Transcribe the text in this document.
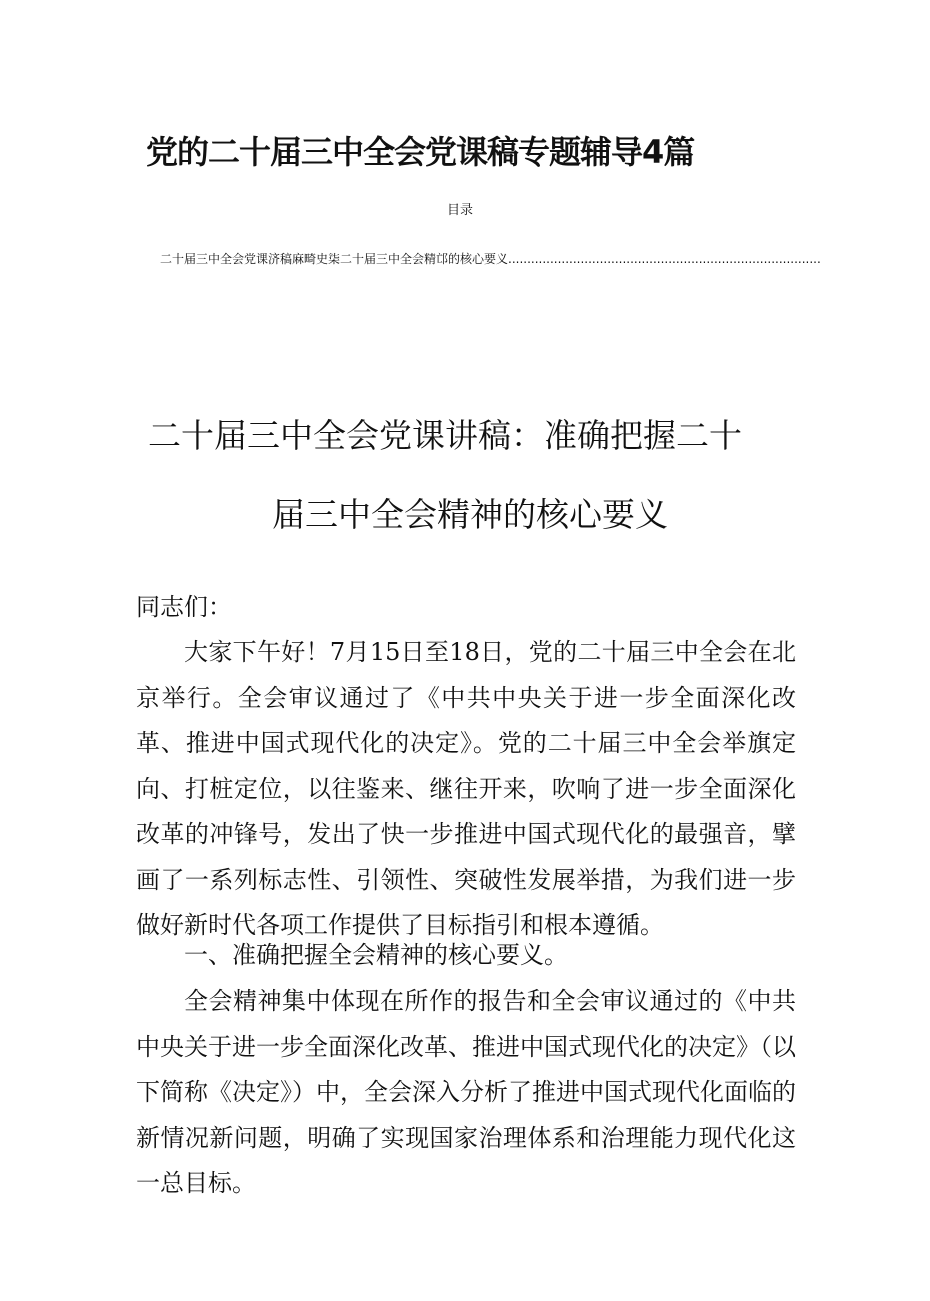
党的二十届三中全会党课稿专题辅导4篇
目录
二十届三中全会党课济稿麻畸史柒二十届三中全会精邙的核心要义..................................................................................
二十届三中全会党课讲稿：准确把握二十
届三中全会精神的核心要义
同志们：
大家下午好！7月15日至18日，党的二十届三中全会在北京举行。全会审议通过了《中共中央关于进一步全面深化改革、推进中国式现代化的决定》。党的二十届三中全会举旗定向、打桩定位，以往鉴来、继往开来，吹响了进一步全面深化改革的冲锋号，发出了快一步推进中国式现代化的最强音，擘画了一系列标志性、引领性、突破性发展举措，为我们进一步做好新时代各项工作提供了目标指引和根本遵循。
一、准确把握全会精神的核心要义。
全会精神集中体现在所作的报告和全会审议通过的《中共中央关于进一步全面深化改革、推进中国式现代化的决定》（以下简称《决定》）中，全会深入分析了推进中国式现代化面临的新情况新问题，明确了实现国家治理体系和治理能力现代化这一总目标。
